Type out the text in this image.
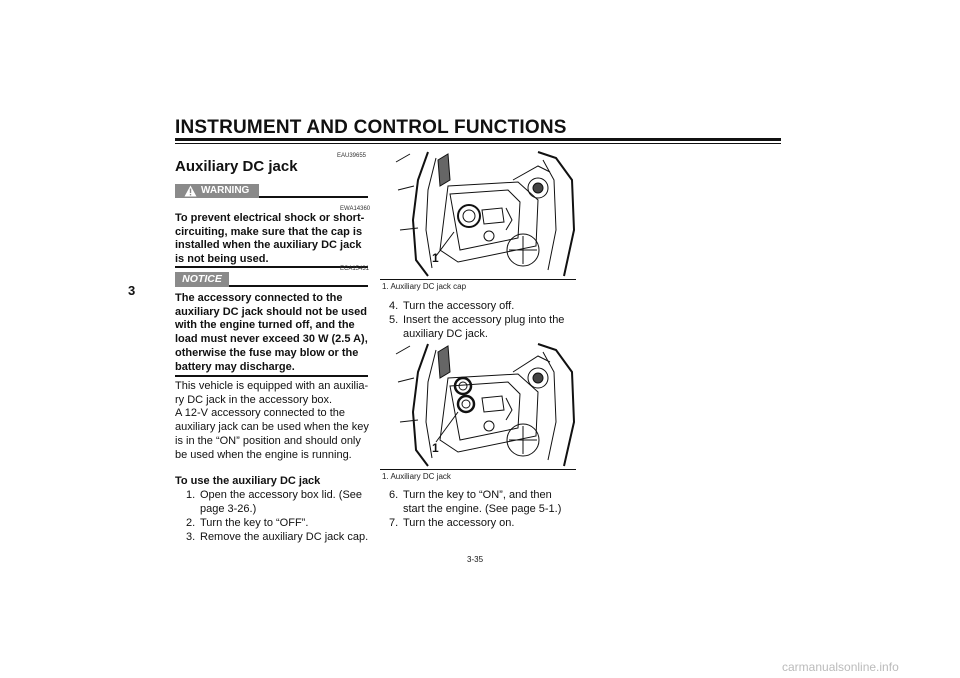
INSTRUMENT AND CONTROL FUNCTIONS
3
EAU39655
Auxiliary DC jack
WARNING
EWA14360
To prevent electrical shock or short-
circuiting, make sure that the cap is
installed when the auxiliary DC jack
is not being used.
ECA15431
NOTICE
The accessory connected to the
auxiliary DC jack should not be used
with the engine turned off, and the
load must never exceed 30 W (2.5 A),
otherwise the fuse may blow or the
battery may discharge.
This vehicle is equipped with an auxilia-
ry DC jack in the accessory box.
A 12-V accessory connected to the
auxiliary jack can be used when the key
is in the “ON” position and should only
be used when the engine is running.
To use the auxiliary DC jack
1. Open the accessory box lid. (See
page 3-26.)
2. Turn the key to “OFF”.
3. Remove the auxiliary DC jack cap.
1
1. Auxiliary DC jack cap
4. Turn the accessory off.
5. Insert the accessory plug into the
auxiliary DC jack.
1
1. Auxiliary DC jack
6. Turn the key to “ON”, and then
start the engine. (See page 5-1.)
7. Turn the accessory on.
3-35
carmanualsonline.info
